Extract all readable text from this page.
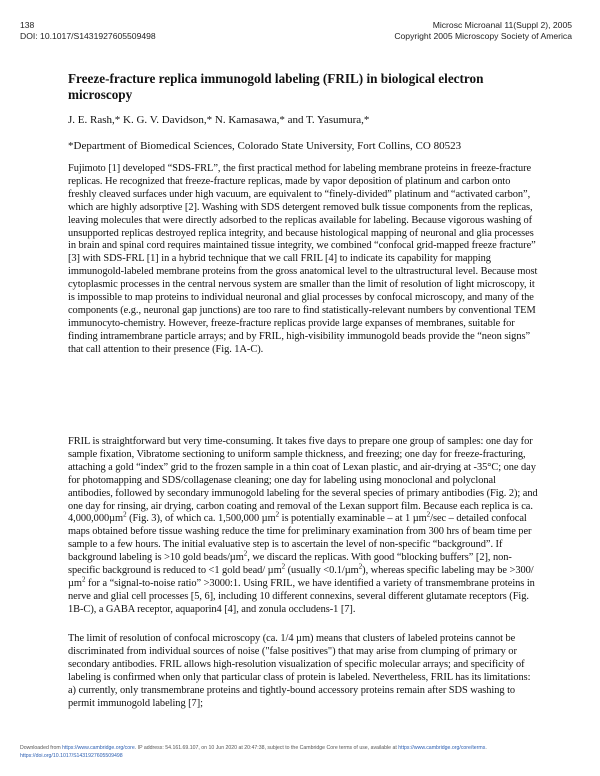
138
DOI: 10.1017/S1431927605509498
Microsc Microanal 11(Suppl 2), 2005
Copyright 2005 Microscopy Society of America
Freeze-fracture replica immunogold labeling (FRIL) in biological electron microscopy

J. E. Rash,* K. G. V. Davidson,* N. Kamasawa,* and T. Yasumura,*

*Department of Biomedical Sciences, Colorado State University, Fort Collins, CO 80523

Fujimoto [1] developed “SDS-FRL”, the first practical method for labeling membrane proteins in freeze-fracture replicas. He recognized that freeze-fracture replicas, made by vapor deposition of platinum and carbon onto freshly cleaved surfaces under high vacuum, are equivalent to “finely-divided” platinum and “activated carbon”, which are highly adsorptive [2]. Washing with SDS detergent removed bulk tissue components from the replicas, leaving molecules that were directly adsorbed to the replicas available for labeling. Because vigorous washing of unsupported replicas destroyed replica integrity, and because histological mapping of neuronal and glia processes in brain and spinal cord requires maintained tissue integrity, we combined “confocal grid-mapped freeze fracture” [3] with SDS-FRL [1] in a hybrid technique that we call FRIL [4] to indicate its capability for mapping immunogold-labeled membrane proteins from the gross anatomical level to the ultrastructural level. Because most cytoplasmic processes in the central nervous system are smaller than the limit of resolution of light microscopy, it is impossible to map proteins to individual neuronal and glial processes by confocal microscopy, and many of the components (e.g., neuronal gap junctions) are too rare to find statistically-relevant numbers by conventional TEM immunocyto-chemistry. However, freeze-fracture replicas provide large expanses of membranes, suitable for finding intramembrane particle arrays; and by FRIL, high-visibility immunogold beads provide the “neon signs” that call attention to their presence (Fig. 1A-C).

FRIL is straightforward but very time-consuming. It takes five days to prepare one group of samples: one day for sample fixation, Vibratome sectioning to uniform sample thickness, and freezing; one day for freeze-fracturing, attaching a gold “index” grid to the frozen sample in a thin coat of Lexan plastic, and air-drying at -35°C; one day for photomapping and SDS/collagenase cleaning; one day for labeling using monoclonal and polyclonal antibodies, followed by secondary immunogold labeling for the several species of primary antibodies (Fig. 2); and one day for rinsing, air drying, carbon coating and removal of the Lexan support film. Because each replica is ca. 4,000,000µm$^2$ (Fig. 3), of which ca. 1,500,000 µm$^2$ is potentially examinable – at 1 µm$^2$/sec – detailed confocal maps obtained before tissue washing reduce the time for preliminary examination from 300 hrs of beam time per sample to a few hours. The initial evaluative step is to ascertain the level of non-specific “background”. If background labeling is >10 gold beads/µm$^2$, we discard the replicas. With good “blocking buffers” [2], non-specific background is reduced to <1 gold bead/ µm$^2$ (usually <0.1/µm$^2$), whereas specific labeling may be >300/µm$^2$ for a “signal-to-noise ratio” >3000:1. Using FRIL, we have identified a variety of transmembrane proteins in nerve and glial cell processes [5, 6], including 10 different connexins, several different glutamate receptors (Fig. 1B-C), a GABA receptor, aquaporin4 [4], and zonula occludens-1 [7].

The limit of resolution of confocal microscopy (ca. 1/4 µm) means that clusters of labeled proteins cannot be discriminated from individual sources of noise ("false positives") that may arise from clumping of primary or secondary antibodies. FRIL allows high-resolution visualization of specific molecular arrays; and specificity of labeling is confirmed when only that particular class of protein is labeled. Nevertheless, FRIL has its limitations: a) currently, only transmembrane proteins and tightly-bound accessory proteins remain after SDS washing to permit immunogold labeling [7];

Downloaded from https://www.cambridge.org/core. IP address: 54.161.69.107, on 10 Jun 2020 at 20:47:38, subject to the Cambridge Core terms of use, available at https://www.cambridge.org/core/terms.
https://doi.org/10.1017/S1431927605509498
